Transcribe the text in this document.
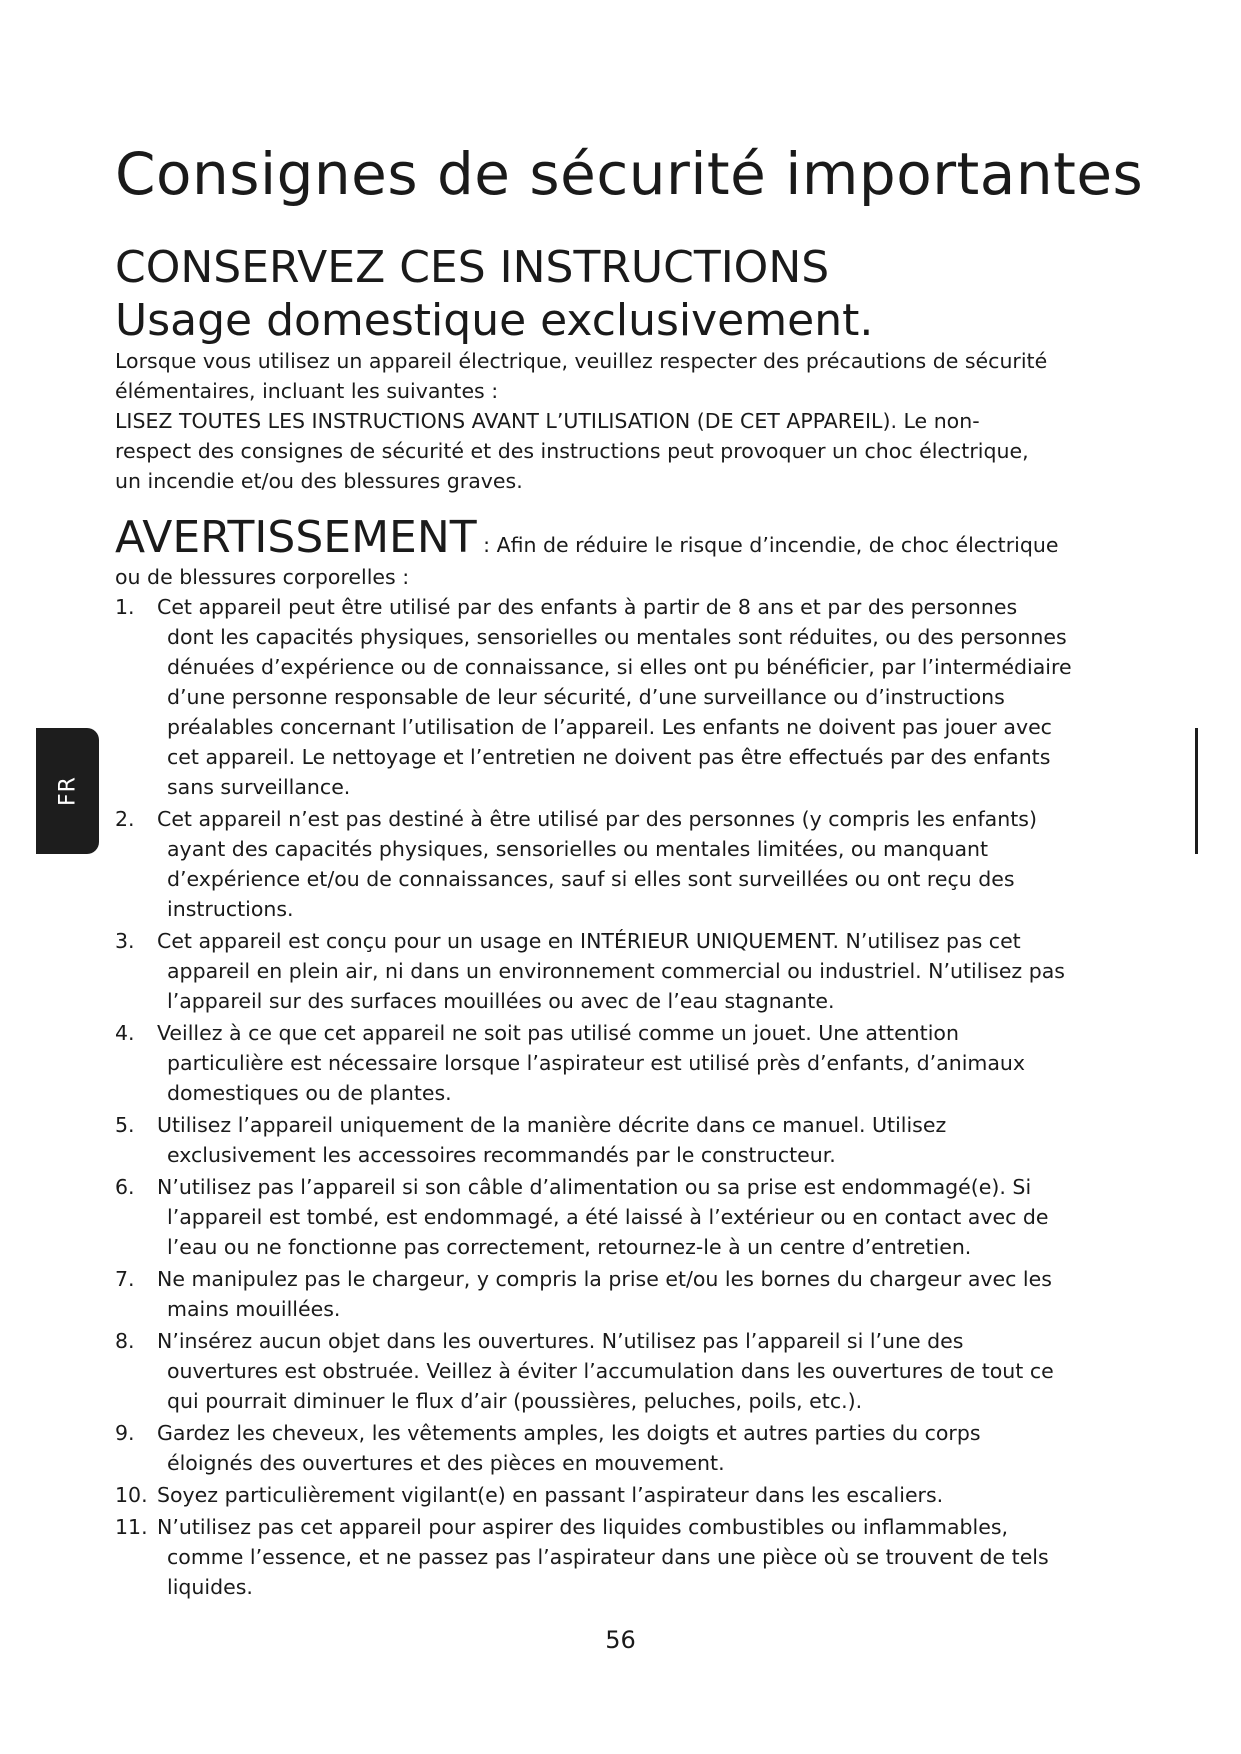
Consignes de sécurité importantes
CONSERVEZ CES INSTRUCTIONS
Usage domestique exclusivement.

Lorsque vous utilisez un appareil électrique, veuillez respecter des précautions de sécurité
élémentaires, incluant les suivantes :
LISEZ TOUTES LES INSTRUCTIONS AVANT L’UTILISATION (DE CET APPAREIL). Le non-
respect des consignes de sécurité et des instructions peut provoquer un choc électrique,
un incendie et/ou des blessures graves.

AVERTISSEMENT : Afin de réduire le risque d’incendie, de choc électrique
ou de blessures corporelles :

1. Cet appareil peut être utilisé par des enfants à partir de 8 ans et par des personnes
dont les capacités physiques, sensorielles ou mentales sont réduites, ou des personnes
dénuées d’expérience ou de connaissance, si elles ont pu bénéficier, par l’intermédiaire
d’une personne responsable de leur sécurité, d’une surveillance ou d’instructions
préalables concernant l’utilisation de l’appareil. Les enfants ne doivent pas jouer avec
cet appareil. Le nettoyage et l’entretien ne doivent pas être effectués par des enfants
sans surveillance.
2. Cet appareil n’est pas destiné à être utilisé par des personnes (y compris les enfants)
ayant des capacités physiques, sensorielles ou mentales limitées, ou manquant
d’expérience et/ou de connaissances, sauf si elles sont surveillées ou ont reçu des
instructions.
3. Cet appareil est conçu pour un usage en INTÉRIEUR UNIQUEMENT. N’utilisez pas cet
appareil en plein air, ni dans un environnement commercial ou industriel. N’utilisez pas
l’appareil sur des surfaces mouillées ou avec de l’eau stagnante.
4. Veillez à ce que cet appareil ne soit pas utilisé comme un jouet. Une attention
particulière est nécessaire lorsque l’aspirateur est utilisé près d’enfants, d’animaux
domestiques ou de plantes.
5. Utilisez l’appareil uniquement de la manière décrite dans ce manuel. Utilisez
exclusivement les accessoires recommandés par le constructeur.
6. N’utilisez pas l’appareil si son câble d’alimentation ou sa prise est endommagé(e). Si
l’appareil est tombé, est endommagé, a été laissé à l’extérieur ou en contact avec de
l’eau ou ne fonctionne pas correctement, retournez-le à un centre d’entretien.
7. Ne manipulez pas le chargeur, y compris la prise et/ou les bornes du chargeur avec les
mains mouillées.
8. N’insérez aucun objet dans les ouvertures. N’utilisez pas l’appareil si l’une des
ouvertures est obstruée. Veillez à éviter l’accumulation dans les ouvertures de tout ce
qui pourrait diminuer le flux d’air (poussières, peluches, poils, etc.).
9. Gardez les cheveux, les vêtements amples, les doigts et autres parties du corps
éloignés des ouvertures et des pièces en mouvement.
10. Soyez particulièrement vigilant(e) en passant l’aspirateur dans les escaliers.
11. N’utilisez pas cet appareil pour aspirer des liquides combustibles ou inflammables,
comme l’essence, et ne passez pas l’aspirateur dans une pièce où se trouvent de tels
liquides.
FR
56
